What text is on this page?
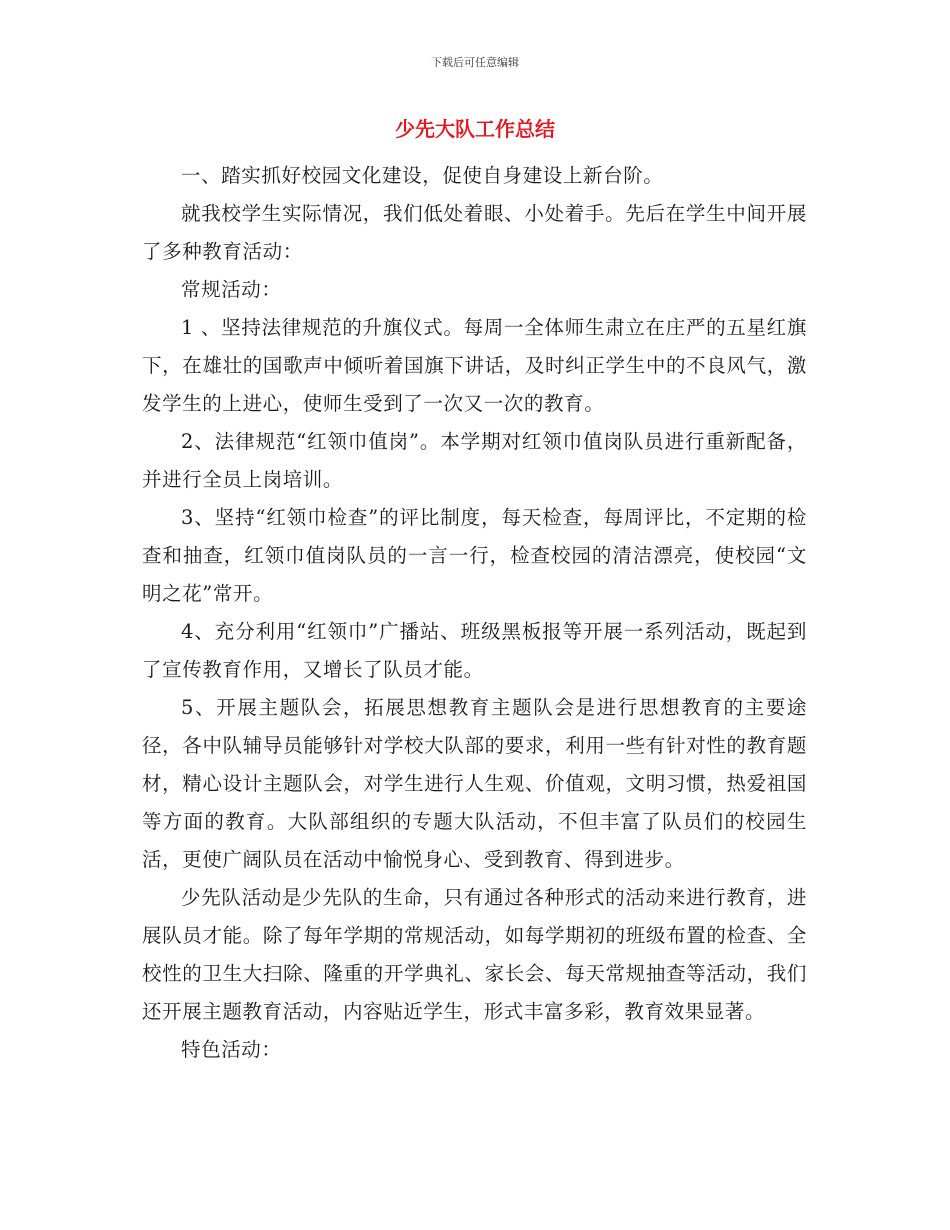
下载后可任意编辑
少先大队工作总结

一、踏实抓好校园文化建设，促使自身建设上新台阶。

就我校学生实际情况，我们低处着眼、小处着手。先后在学生中间开展了多种教育活动：

常规活动：

1 、坚持法律规范的升旗仪式。每周一全体师生肃立在庄严的五星红旗下，在雄壮的国歌声中倾听着国旗下讲话，及时纠正学生中的不良风气，激发学生的上进心，使师生受到了一次又一次的教育。

2、法律规范“红领巾值岗”。本学期对红领巾值岗队员进行重新配备，并进行全员上岗培训。

3、坚持“红领巾检查”的评比制度，每天检查，每周评比，不定期的检查和抽查，红领巾值岗队员的一言一行，检查校园的清洁漂亮，使校园“文明之花”常开。

4、充分利用“红领巾”广播站、班级黑板报等开展一系列活动，既起到了宣传教育作用，又增长了队员才能。

5、开展主题队会，拓展思想教育主题队会是进行思想教育的主要途径，各中队辅导员能够针对学校大队部的要求，利用一些有针对性的教育题材，精心设计主题队会，对学生进行人生观、价值观，文明习惯，热爱祖国等方面的教育。大队部组织的专题大队活动，不但丰富了队员们的校园生活，更使广阔队员在活动中愉悦身心、受到教育、得到进步。

少先队活动是少先队的生命，只有通过各种形式的活动来进行教育，进展队员才能。除了每年学期的常规活动，如每学期初的班级布置的检查、全校性的卫生大扫除、隆重的开学典礼、家长会、每天常规抽查等活动，我们还开展主题教育活动，内容贴近学生，形式丰富多彩，教育效果显著。

特色活动：
